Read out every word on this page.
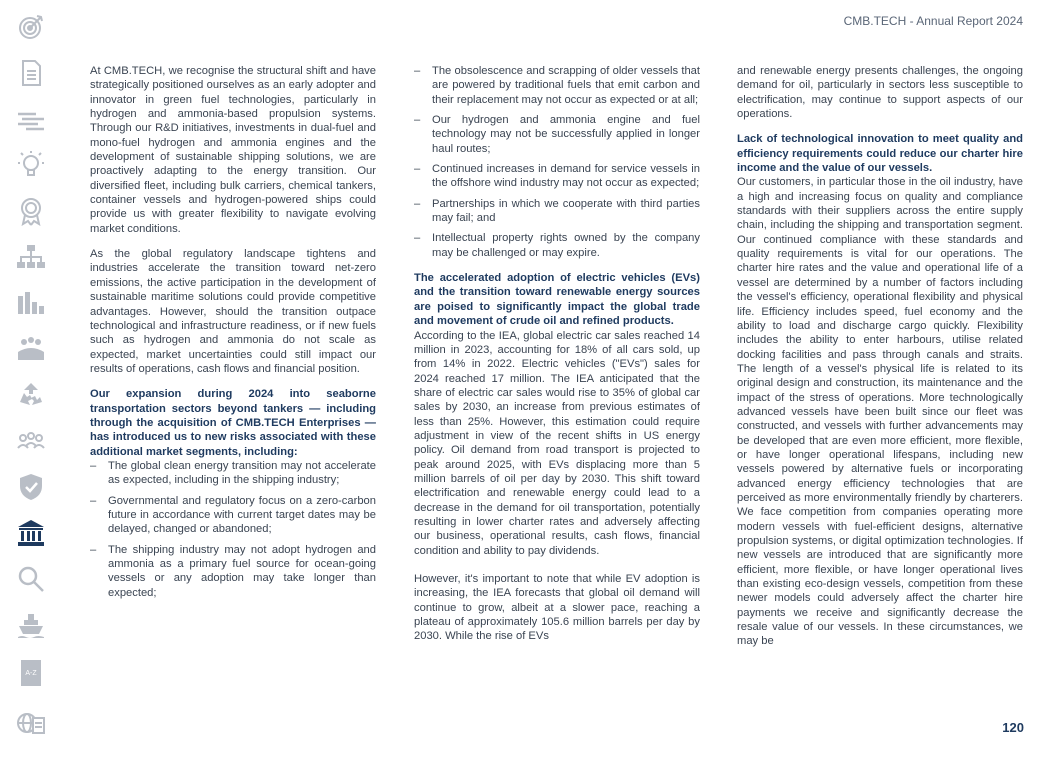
CMB.TECH - Annual Report 2024
A-Z

At CMB.TECH, we recognise the structural shift and have strategically positioned ourselves as an early adopter and innovator in green fuel technologies, particularly in hydrogen and ammonia-based propulsion systems. Through our R&D initiatives, investments in dual-fuel and mono-fuel hydrogen and ammonia engines and the development of sustainable shipping solutions, we are proactively adapting to the energy transition. Our diversified fleet, including bulk carriers, chemical tankers, container vessels and hydrogen-powered ships could provide us with greater flexibility to navigate evolving market conditions.

As the global regulatory landscape tightens and industries accelerate the transition toward net-zero emissions, the active participation in the development of sustainable maritime solutions could provide competitive advantages. However, should the transition outpace technological and infrastructure readiness, or if new fuels such as hydrogen and ammonia do not scale as expected, market uncertainties could still impact our results of operations, cash flows and financial position.

Our expansion during 2024 into seaborne transportation sectors beyond tankers — including through the acquisition of CMB.TECH Enterprises — has introduced us to new risks associated with these additional market segments, including:
– The global clean energy transition may not accelerate as expected, including in the shipping industry;
– Governmental and regulatory focus on a zero-carbon future in accordance with current target dates may be delayed, changed or abandoned;
– The shipping industry may not adopt hydrogen and ammonia as a primary fuel source for ocean-going vessels or any adoption may take longer than expected;
– The obsolescence and scrapping of older vessels that are powered by traditional fuels that emit carbon and their replacement may not occur as expected or at all;
– Our hydrogen and ammonia engine and fuel technology may not be successfully applied in longer haul routes;
– Continued increases in demand for service vessels in the offshore wind industry may not occur as expected;
– Partnerships in which we cooperate with third parties may fail; and
– Intellectual property rights owned by the company may be challenged or may expire.
The accelerated adoption of electric vehicles (EVs) and the transition toward renewable energy sources are poised to significantly impact the global trade and movement of crude oil and refined products.

According to the IEA, global electric car sales reached 14 million in 2023, accounting for 18% of all cars sold, up from 14% in 2022. Electric vehicles ("EVs") sales for 2024 reached 17 million. The IEA anticipated that the share of electric car sales would rise to 35% of global car sales by 2030, an increase from previous estimates of less than 25%. However, this estimation could require adjustment in view of the recent shifts in US energy policy. Oil demand from road transport is projected to peak around 2025, with EVs displacing more than 5 million barrels of oil per day by 2030. This shift toward electrification and renewable energy could lead to a decrease in the demand for oil transportation, potentially resulting in lower charter rates and adversely affecting our business, operational results, cash flows, financial condition and ability to pay dividends.

However, it's important to note that while EV adoption is increasing, the IEA forecasts that global oil demand will continue to grow, albeit at a slower pace, reaching a plateau of approximately 105.6 million barrels per day by 2030. While the rise of EVs

and renewable energy presents challenges, the ongoing demand for oil, particularly in sectors less susceptible to electrification, may continue to support aspects of our operations.

Lack of technological innovation to meet quality and efficiency requirements could reduce our charter hire income and the value of our vessels.

Our customers, in particular those in the oil industry, have a high and increasing focus on quality and compliance standards with their suppliers across the entire supply chain, including the shipping and transportation segment. Our continued compliance with these standards and quality requirements is vital for our operations. The charter hire rates and the value and operational life of a vessel are determined by a number of factors including the vessel's efficiency, operational flexibility and physical life. Efficiency includes speed, fuel economy and the ability to load and discharge cargo quickly. Flexibility includes the ability to enter harbours, utilise related docking facilities and pass through canals and straits. The length of a vessel's physical life is related to its original design and construction, its maintenance and the impact of the stress of operations. More technologically advanced vessels have been built since our fleet was constructed, and vessels with further advancements may be developed that are even more efficient, more flexible, or have longer operational lifespans, including new vessels powered by alternative fuels or incorporating advanced energy efficiency technologies that are perceived as more environmentally friendly by charterers. We face competition from companies operating more modern vessels with fuel-efficient designs, alternative propulsion systems, or digital optimization technologies. If new vessels are introduced that are significantly more efficient, more flexible, or have longer operational lives than existing eco-design vessels, competition from these newer models could adversely affect the charter hire payments we receive and significantly decrease the resale value of our vessels. In these circumstances, we may be

120
